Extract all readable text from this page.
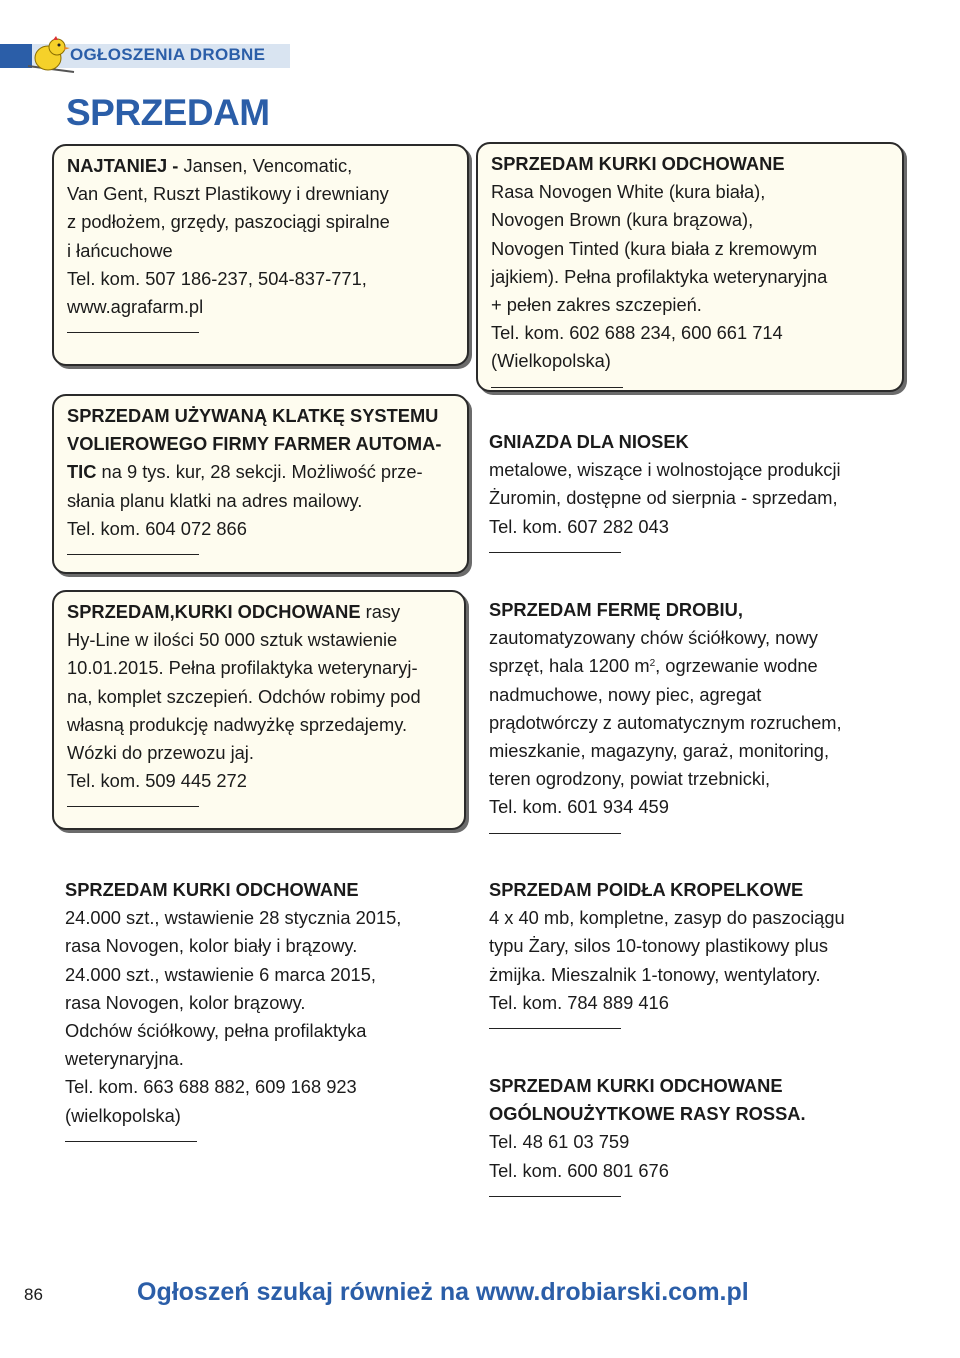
OGŁOSZENIA DROBNE
SPRZEDAM
NAJTANIEJ - Jansen, Vencomatic,
Van Gent, Ruszt Plastikowy i drewniany
z podłożem, grzędy, paszociągi spiralne
i łańcuchowe
Tel. kom. 507 186-237, 504-837-771,
www.agrafarm.pl
SPRZEDAM UŻYWANĄ KLATKĘ SYSTEMU
VOLIEROWEGO FIRMY FARMER AUTOMA-
TIC na 9 tys. kur, 28 sekcji. Możliwość prze-
słania planu klatki na adres mailowy.
Tel. kom. 604 072 866
SPRZEDAM,KURKI ODCHOWANE rasy
Hy-Line w ilości 50 000 sztuk wstawienie
10.01.2015. Pełna profilaktyka weterynaryj-
na, komplet szczepień. Odchów robimy pod
własną produkcję nadwyżkę sprzedajemy.
Wózki do przewozu jaj.
Tel. kom. 509 445 272
SPRZEDAM KURKI ODCHOWANE
24.000 szt., wstawienie 28 stycznia 2015,
rasa Novogen, kolor biały i brązowy.
24.000 szt., wstawienie 6 marca 2015,
rasa Novogen, kolor brązowy.
Odchów ściółkowy, pełna profilaktyka
weterynaryjna.
Tel. kom. 663 688 882, 609 168 923
(wielkopolska)
SPRZEDAM KURKI ODCHOWANE
Rasa Novogen White (kura biała),
Novogen Brown (kura brązowa),
Novogen Tinted (kura biała z kremowym
jajkiem). Pełna profilaktyka weterynaryjna
+ pełen zakres szczepień.
Tel. kom. 602 688 234, 600 661 714
(Wielkopolska)
GNIAZDA DLA NIOSEK
metalowe, wiszące i wolnostojące produkcji
Żuromin, dostępne od sierpnia - sprzedam,
Tel. kom. 607 282 043
SPRZEDAM FERMĘ DROBIU,
zautomatyzowany chów ściółkowy, nowy
sprzęt, hala 1200 $m^2$, ogrzewanie wodne
nadmuchowe, nowy piec, agregat
prądotwórczy z automatycznym rozruchem,
mieszkanie, magazyny, garaż, monitoring,
teren ogrodzony, powiat trzebnicki,
Tel. kom. 601 934 459
SPRZEDAM POIDŁA KROPELKOWE
4 x 40 mb, kompletne, zasyp do paszociągu
typu Żary, silos 10-tonowy plastikowy plus
żmijka. Mieszalnik 1-tonowy, wentylatory.
Tel. kom. 784 889 416
SPRZEDAM KURKI ODCHOWANE
OGÓLNOUŻYTKOWE RASY ROSSA.
Tel. 48 61 03 759
Tel. kom. 600 801 676
86	Ogłoszeń szukaj również na www.drobiarski.com.pl
